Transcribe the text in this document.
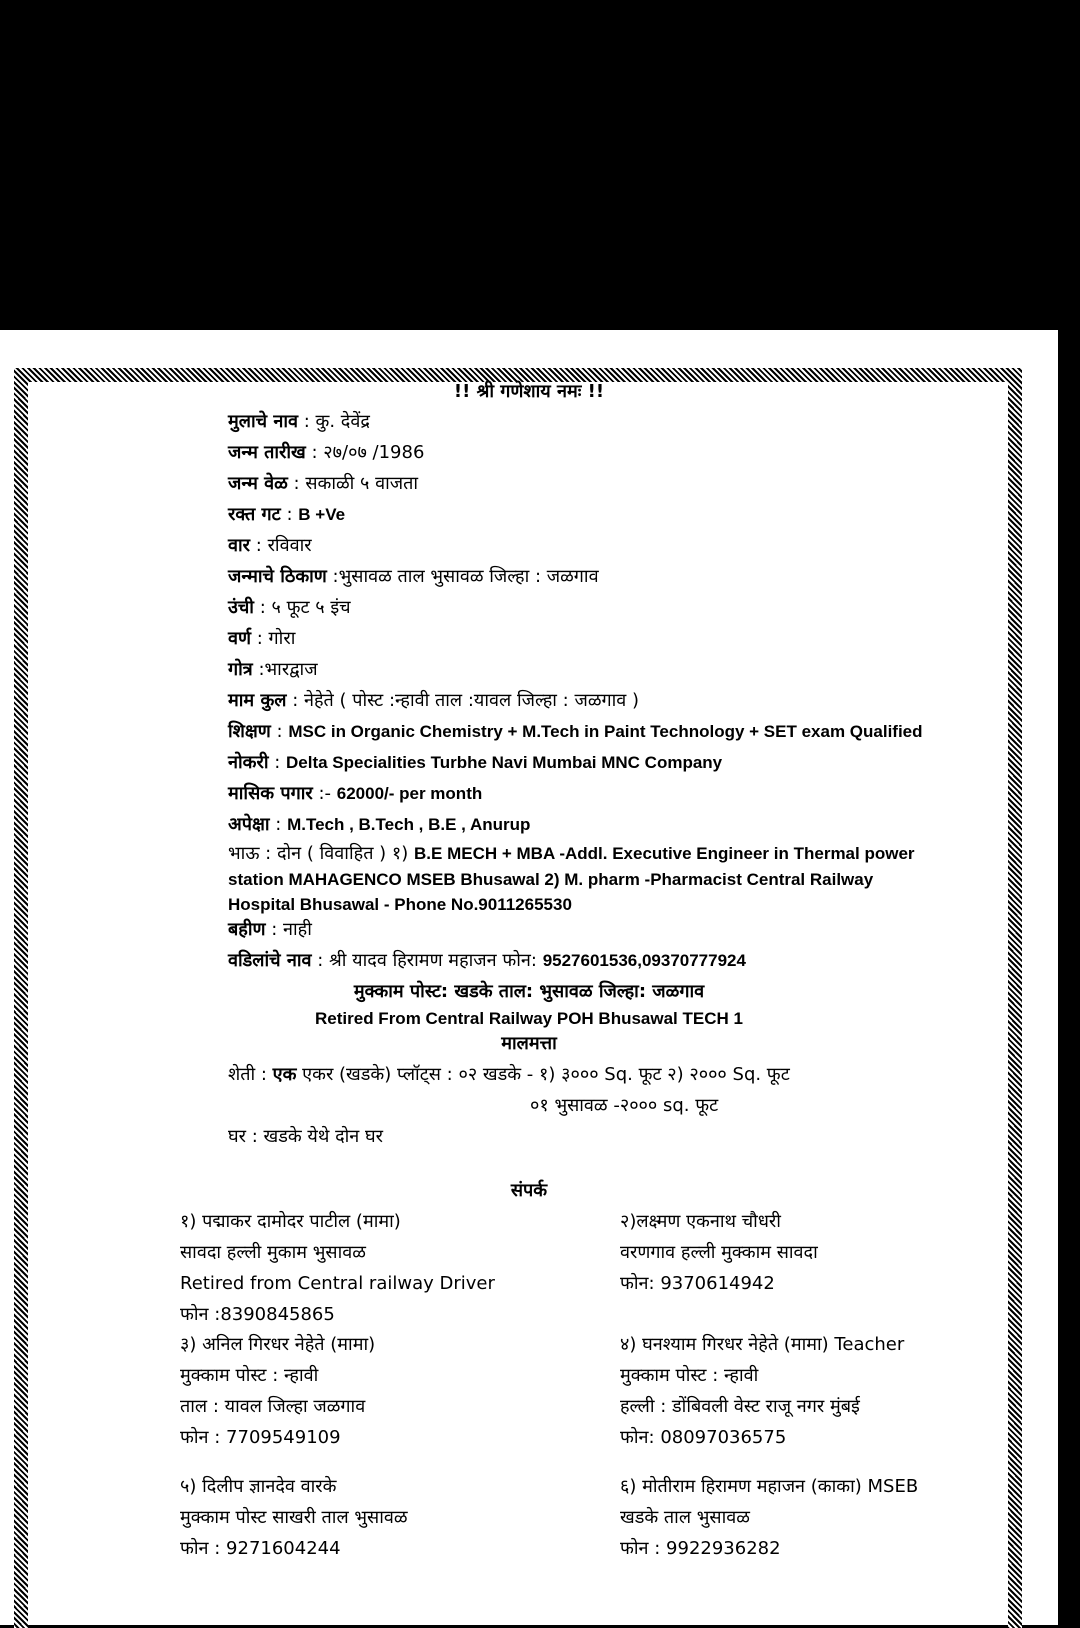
!! श्री गणेशाय नमः !!
मुलाचे नाव : कु. देवेंद्र
जन्म तारीख : २७/०७ /1986
जन्म वेळ : सकाळी ५ वाजता
रक्त गट : B +Ve
वार : रविवार
जन्माचे ठिकाण :भुसावळ ताल भुसावळ जिल्हा : जळगाव
उंची : ५ फूट ५ इंच
वर्ण : गोरा
गोत्र :भारद्वाज
माम कुल : नेहेते ( पोस्ट :न्हावी ताल :यावल जिल्हा : जळगाव )
शिक्षण : MSC in Organic Chemistry + M.Tech in Paint Technology + SET exam Qualified
नोकरी : Delta Specialities Turbhe Navi Mumbai MNC Company
मासिक पगार :- 62000/- per month
अपेक्षा : M.Tech , B.Tech , B.E , Anurup
भाऊ : दोन ( विवाहित ) १) B.E MECH + MBA -Addl. Executive Engineer in Thermal power
station MAHAGENCO MSEB Bhusawal 2) M. pharm -Pharmacist Central Railway
Hospital Bhusawal - Phone No.9011265530
बहीण : नाही
वडिलांचे नाव : श्री यादव हिरामण महाजन फोन: 9527601536,09370777924
मुक्काम पोस्ट: खडके ताल: भुसावळ जिल्हा: जळगाव
Retired From Central Railway POH Bhusawal TECH 1
मालमत्ता
शेती : एक एकर (खडके) प्लॉट्स : ०२ खडके - १) ३००० Sq. फूट २) २००० Sq. फूट
०१ भुसावळ -२००० sq. फूट
घर : खडके येथे दोन घर
संपर्क
१) पद्माकर दामोदर पाटील (मामा)
सावदा हल्ली मुकाम भुसावळ
Retired from Central railway Driver
फोन :8390845865
३) अनिल गिरधर नेहेते (मामा)
मुक्काम पोस्ट : न्हावी
ताल : यावल जिल्हा जळगाव
फोन : 7709549109
५) दिलीप ज्ञानदेव वारके
मुक्काम पोस्ट साखरी ताल भुसावळ
फोन : 9271604244
२)लक्ष्मण एकनाथ चौधरी
वरणगाव हल्ली मुक्काम सावदा
फोन: 9370614942
४) घनश्याम गिरधर नेहेते (मामा) Teacher
मुक्काम पोस्ट : न्हावी
हल्ली : डोंबिवली वेस्ट राजू नगर मुंबई
फोन: 08097036575
६) मोतीराम हिरामण महाजन (काका) MSEB
खडके ताल भुसावळ
फोन : 9922936282
